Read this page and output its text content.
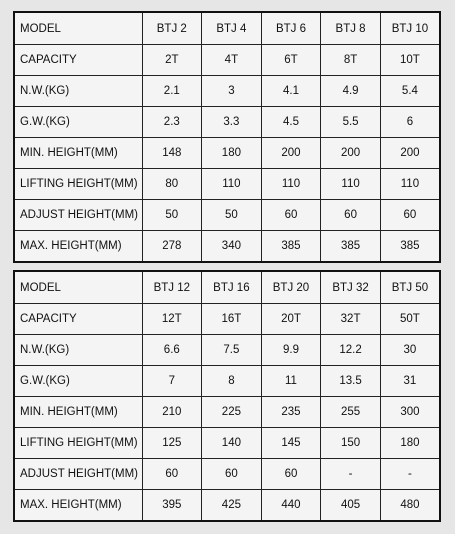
MODEL	BTJ 2	BTJ 4	BTJ 6	BTJ 8	BTJ 10
CAPACITY	2T	4T	6T	8T	10T
N.W.(KG)	2.1	3	4.1	4.9	5.4
G.W.(KG)	2.3	3.3	4.5	5.5	6
MIN. HEIGHT(MM)	148	180	200	200	200
LIFTING HEIGHT(MM)	80	110	110	110	110
ADJUST HEIGHT(MM)	50	50	60	60	60
MAX. HEIGHT(MM)	278	340	385	385	385
MODEL	BTJ 12	BTJ 16	BTJ 20	BTJ 32	BTJ 50
CAPACITY	12T	16T	20T	32T	50T
N.W.(KG)	6.6	7.5	9.9	12.2	30
G.W.(KG)	7	8	11	13.5	31
MIN. HEIGHT(MM)	210	225	235	255	300
LIFTING HEIGHT(MM)	125	140	145	150	180
ADJUST HEIGHT(MM)	60	60	60	-	-
MAX. HEIGHT(MM)	395	425	440	405	480
